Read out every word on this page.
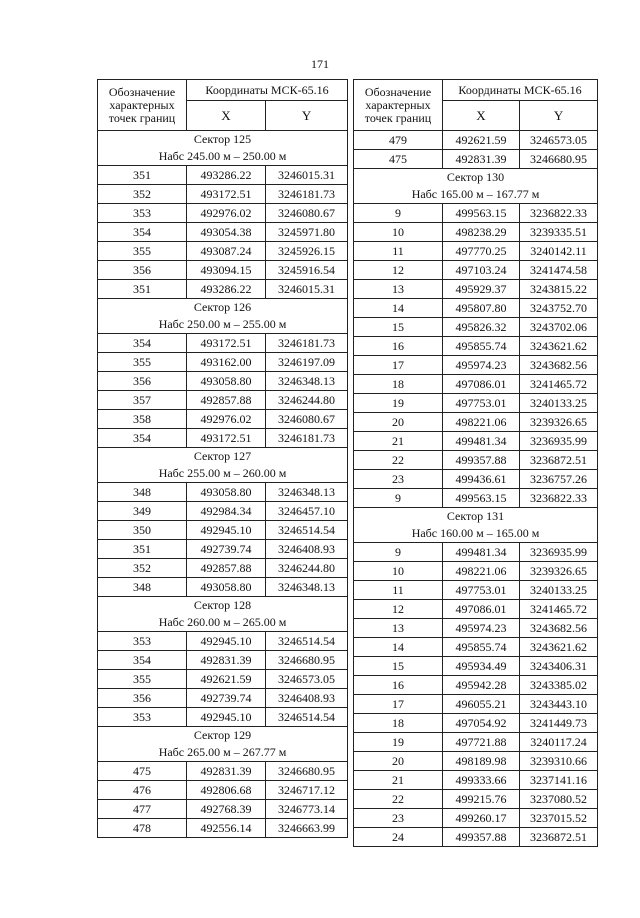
171
Обозначение
характерных
точек границ	Координаты МСК-65.16	
	X	Y
Сектор 125		
Набс 245.00 м – 250.00 м		
351	493286.22	3246015.31
352	493172.51	3246181.73
353	492976.02	3246080.67
354	493054.38	3245971.80
355	493087.24	3245926.15
356	493094.15	3245916.54
351	493286.22	3246015.31
Сектор 126		
Набс 250.00 м – 255.00 м		
354	493172.51	3246181.73
355	493162.00	3246197.09
356	493058.80	3246348.13
357	492857.88	3246244.80
358	492976.02	3246080.67
354	493172.51	3246181.73
Сектор 127		
Набс 255.00 м – 260.00 м		
348	493058.80	3246348.13
349	492984.34	3246457.10
350	492945.10	3246514.54
351	492739.74	3246408.93
352	492857.88	3246244.80
348	493058.80	3246348.13
Сектор 128		
Набс 260.00 м – 265.00 м		
353	492945.10	3246514.54
354	492831.39	3246680.95
355	492621.59	3246573.05
356	492739.74	3246408.93
353	492945.10	3246514.54
Сектор 129		
Набс 265.00 м – 267.77 м		
475	492831.39	3246680.95
476	492806.68	3246717.12
477	492768.39	3246773.14
478	492556.14	3246663.99
Обозначение
характерных
точек границ	Координаты МСК-65.16	
	X	Y
479	492621.59	3246573.05
475	492831.39	3246680.95
Сектор 130		
Набс 165.00 м – 167.77 м		
9	499563.15	3236822.33
10	498238.29	3239335.51
11	497770.25	3240142.11
12	497103.24	3241474.58
13	495929.37	3243815.22
14	495807.80	3243752.70
15	495826.32	3243702.06
16	495855.74	3243621.62
17	495974.23	3243682.56
18	497086.01	3241465.72
19	497753.01	3240133.25
20	498221.06	3239326.65
21	499481.34	3236935.99
22	499357.88	3236872.51
23	499436.61	3236757.26
9	499563.15	3236822.33
Сектор 131		
Набс 160.00 м – 165.00 м		
9	499481.34	3236935.99
10	498221.06	3239326.65
11	497753.01	3240133.25
12	497086.01	3241465.72
13	495974.23	3243682.56
14	495855.74	3243621.62
15	495934.49	3243406.31
16	495942.28	3243385.02
17	496055.21	3243443.10
18	497054.92	3241449.73
19	497721.88	3240117.24
20	498189.98	3239310.66
21	499333.66	3237141.16
22	499215.76	3237080.52
23	499260.17	3237015.52
24	499357.88	3236872.51
